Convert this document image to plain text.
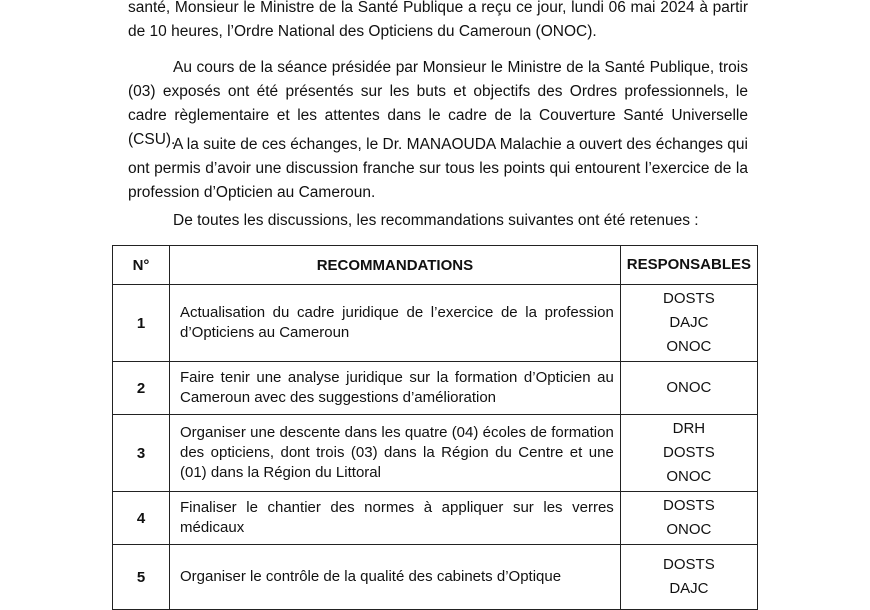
santé, Monsieur le Ministre de la Santé Publique a reçu ce jour, lundi 06 mai 2024 à partir de 10 heures, l’Ordre National des Opticiens du Cameroun (ONOC).

Au cours de la séance présidée par Monsieur le Ministre de la Santé Publique, trois (03) exposés ont été présentés sur les buts et objectifs des Ordres professionnels, le cadre règlementaire et les attentes dans le cadre de la Couverture Santé Universelle (CSU).

A la suite de ces échanges, le Dr. MANAOUDA Malachie a ouvert des échanges qui ont permis d’avoir une discussion franche sur tous les points qui entourent l’exercice de la profession d’Opticien au Cameroun.

De toutes les discussions, les recommandations suivantes ont été retenues :

N°	RECOMMANDATIONS	RESPONSABLES
1	Actualisation du cadre juridique de l’exercice de la profession d’Opticiens au Cameroun	DOSTS
DAJC
ONOC

2	Faire tenir une analyse juridique sur la formation d’Opticien au Cameroun avec des suggestions d’amélioration	ONOC

3	Organiser une descente dans les quatre (04) écoles de formation des opticiens, dont trois (03) dans la Région du Centre et une (01) dans la Région du Littoral	DRH
DOSTS
ONOC

4	Finaliser le chantier des normes à appliquer sur les verres médicaux	DOSTS
ONOC

5	Organiser le contrôle de la qualité des cabinets d’Optique	DOSTS
DAJC
